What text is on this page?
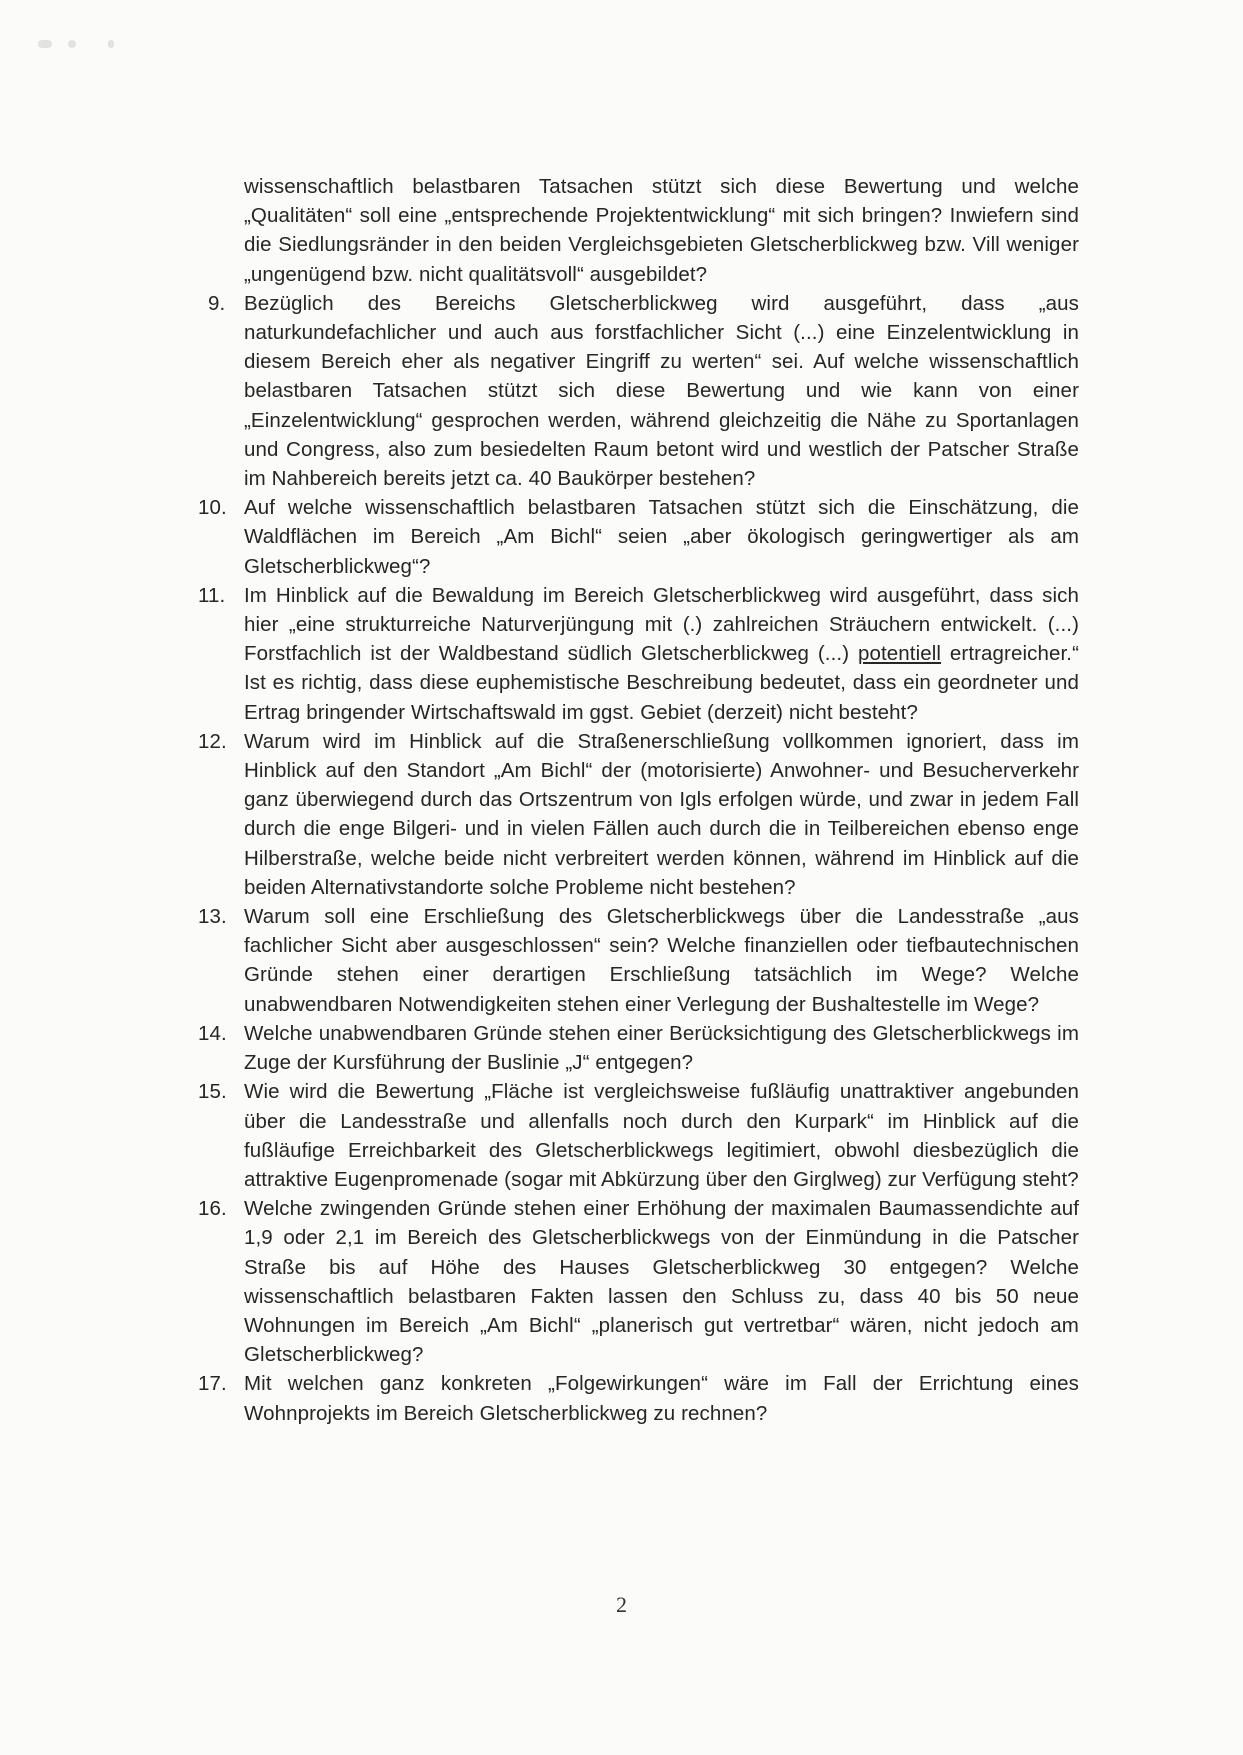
wissenschaftlich belastbaren Tatsachen stützt sich diese Bewertung und welche „Qualitäten“ soll eine „entsprechende Projektentwicklung“ mit sich bringen? Inwiefern sind die Siedlungsränder in den beiden Vergleichsgebieten Gletscherblickweg bzw. Vill weniger „ungenügend bzw. nicht qualitätsvoll“ ausgebildet?

9. Bezüglich des Bereichs Gletscherblickweg wird ausgeführt, dass „aus naturkundefachlicher und auch aus forstfachlicher Sicht (...) eine Einzelentwicklung in diesem Bereich eher als negativer Eingriff zu werten“ sei. Auf welche wissenschaftlich belastbaren Tatsachen stützt sich diese Bewertung und wie kann von einer „Einzelentwicklung“ gesprochen werden, während gleichzeitig die Nähe zu Sportanlagen und Congress, also zum besiedelten Raum betont wird und westlich der Patscher Straße im Nahbereich bereits jetzt ca. 40 Baukörper bestehen?
10. Auf welche wissenschaftlich belastbaren Tatsachen stützt sich die Einschätzung, die Waldflächen im Bereich „Am Bichl“ seien „aber ökologisch geringwertiger als am Gletscherblickweg“?
11. Im Hinblick auf die Bewaldung im Bereich Gletscherblickweg wird ausgeführt, dass sich hier „eine strukturreiche Naturverjüngung mit (.) zahlreichen Sträuchern entwickelt. (...) Forstfachlich ist der Waldbestand südlich Gletscherblickweg (...) potentiell ertragreicher.“ Ist es richtig, dass diese euphemistische Beschreibung bedeutet, dass ein geordneter und Ertrag bringender Wirtschaftswald im ggst. Gebiet (derzeit) nicht besteht?
12. Warum wird im Hinblick auf die Straßenerschließung vollkommen ignoriert, dass im Hinblick auf den Standort „Am Bichl“ der (motorisierte) Anwohner- und Besucherverkehr ganz überwiegend durch das Ortszentrum von Igls erfolgen würde, und zwar in jedem Fall durch die enge Bilgeri- und in vielen Fällen auch durch die in Teilbereichen ebenso enge Hilberstraße, welche beide nicht verbreitert werden können, während im Hinblick auf die beiden Alternativstandorte solche Probleme nicht bestehen?
13. Warum soll eine Erschließung des Gletscherblickwegs über die Landesstraße „aus fachlicher Sicht aber ausgeschlossen“ sein? Welche finanziellen oder tiefbautechnischen Gründe stehen einer derartigen Erschließung tatsächlich im Wege? Welche unabwendbaren Notwendigkeiten stehen einer Verlegung der Bushaltestelle im Wege?
14. Welche unabwendbaren Gründe stehen einer Berücksichtigung des Gletscherblickwegs im Zuge der Kursführung der Buslinie „J“ entgegen?
15. Wie wird die Bewertung „Fläche ist vergleichsweise fußläufig unattraktiver angebunden über die Landesstraße und allenfalls noch durch den Kurpark“ im Hinblick auf die fußläufige Erreichbarkeit des Gletscherblickwegs legitimiert, obwohl diesbezüglich die attraktive Eugenpromenade (sogar mit Abkürzung über den Girglweg) zur Verfügung steht?
16. Welche zwingenden Gründe stehen einer Erhöhung der maximalen Baumassendichte auf 1,9 oder 2,1 im Bereich des Gletscherblickwegs von der Einmündung in die Patscher Straße bis auf Höhe des Hauses Gletscherblickweg 30 entgegen? Welche wissenschaftlich belastbaren Fakten lassen den Schluss zu, dass 40 bis 50 neue Wohnungen im Bereich „Am Bichl“ „planerisch gut vertretbar“ wären, nicht jedoch am Gletscherblickweg?
17. Mit welchen ganz konkreten „Folgewirkungen“ wäre im Fall der Errichtung eines Wohnprojekts im Bereich Gletscherblickweg zu rechnen?
2
